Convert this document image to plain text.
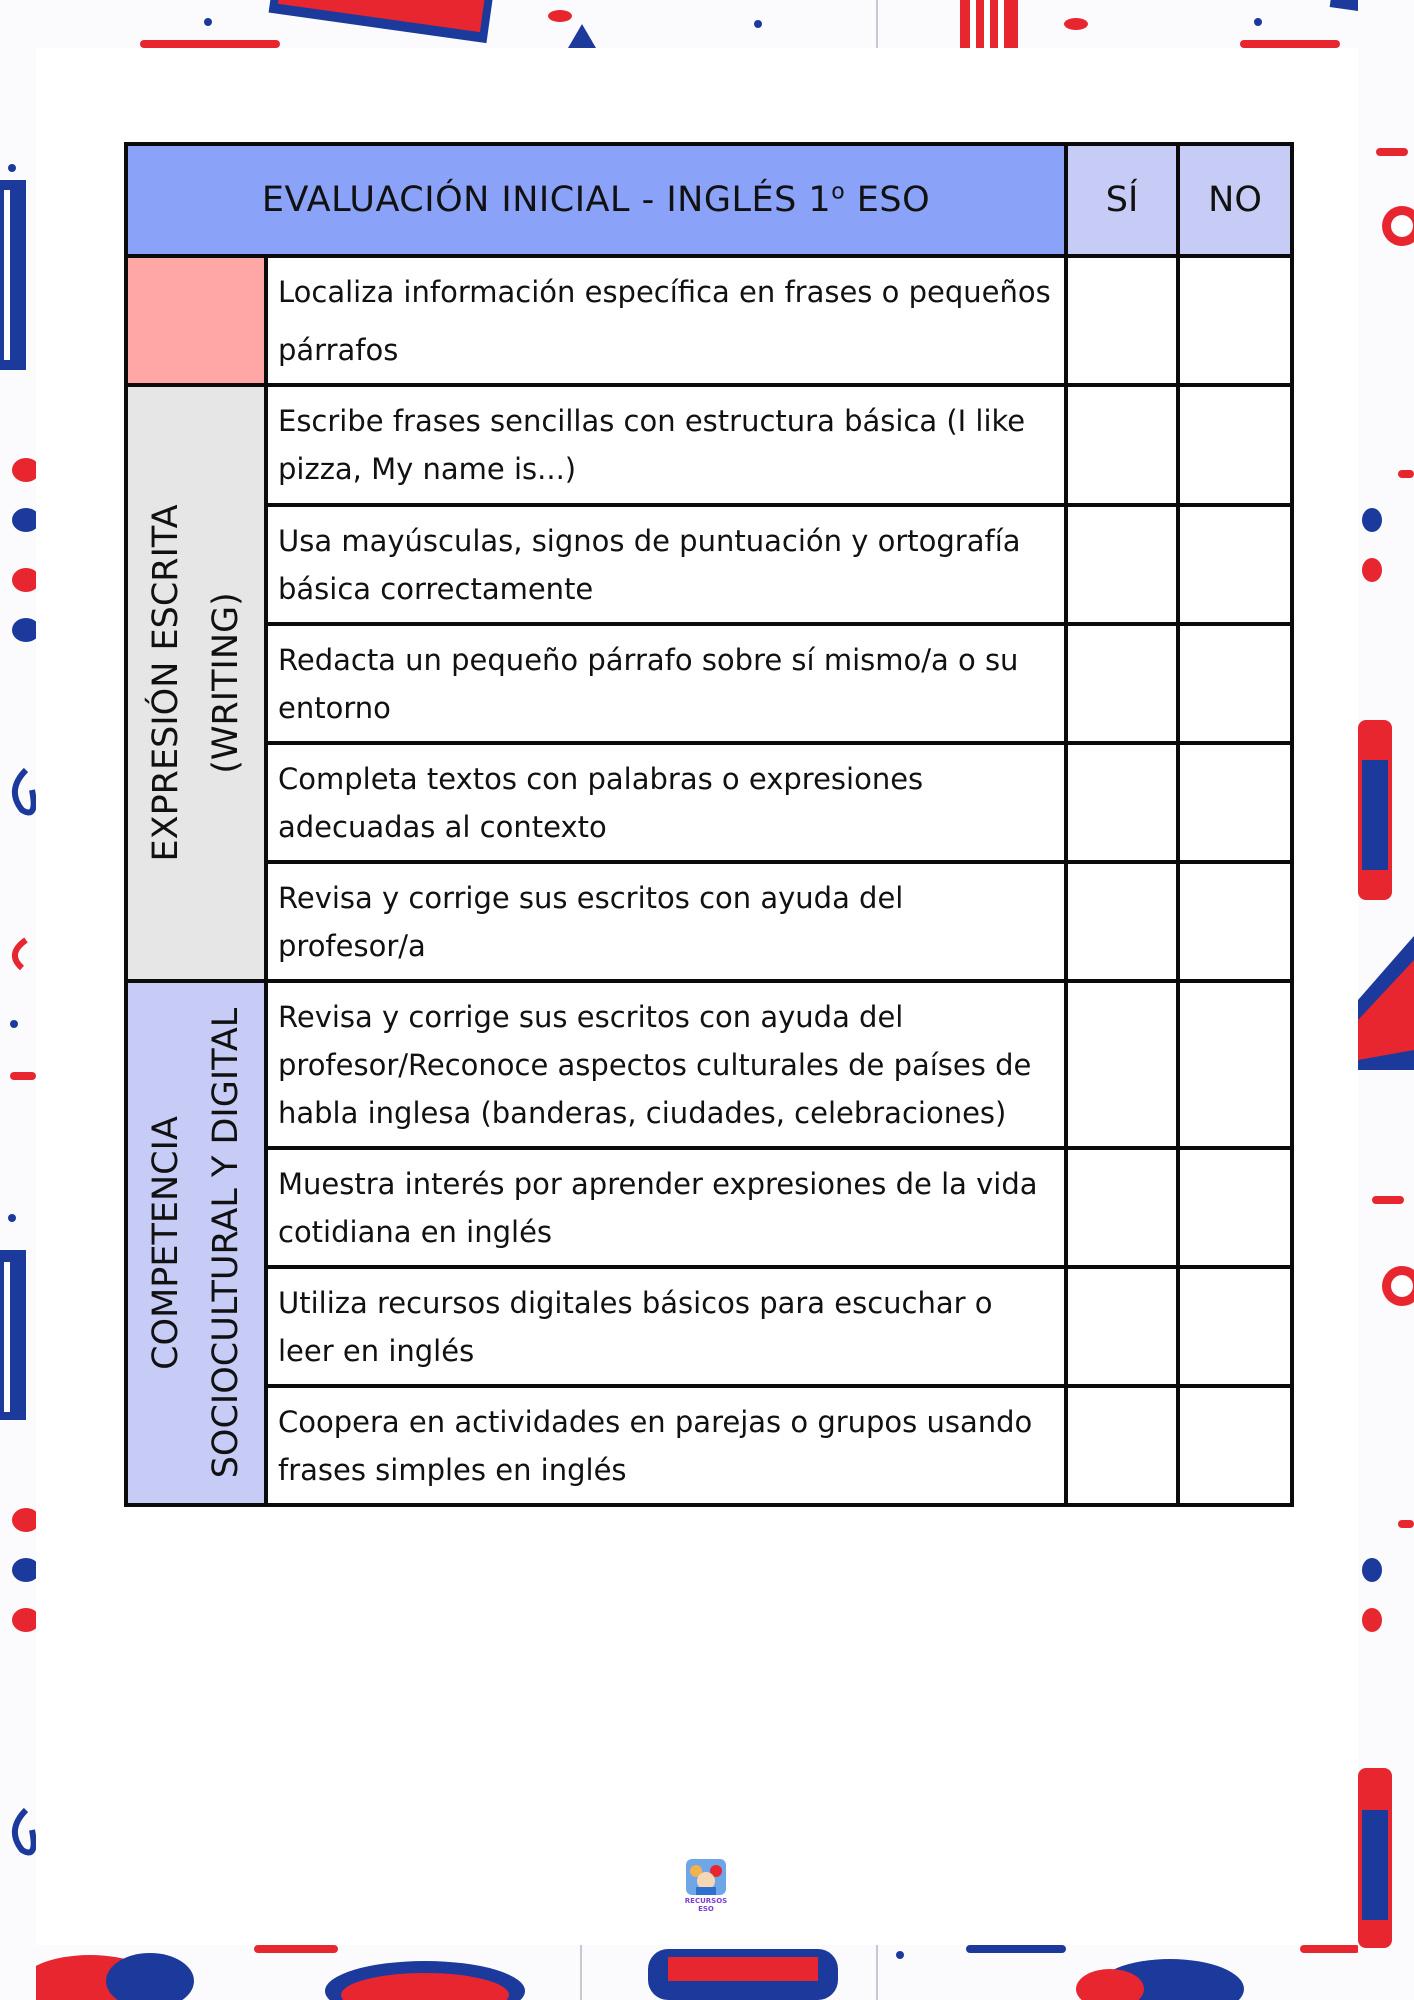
EVALUACIÓN INICIAL - INGLÉS 1$^o$ ESO		SÍ	NO
	Localiza información específica en frases o pequeños párrafos		

EXPRESIÓN ESCRITA (WRITING)	Escribe frases sencillas con estructura básica (I like pizza, My name is...)		
	Usa mayúsculas, signos de puntuación y ortografía básica correctamente		
	Redacta un pequeño párrafo sobre sí mismo/a o su entorno		
	Completa textos con palabras o expresiones adecuadas al contexto		
	Revisa y corrige sus escritos con ayuda del profesor/a		

COMPETENCIA SOCIOCULTURAL Y DIGITAL	Revisa y corrige sus escritos con ayuda del profesor/Reconoce aspectos culturales de países de habla inglesa (banderas, ciudades, celebraciones)		
	Muestra interés por aprender expresiones de la vida cotidiana en inglés		
	Utiliza recursos digitales básicos para escuchar o leer en inglés		
	Coopera en actividades en parejas o grupos usando frases simples en inglés		
RECURSOS
ESO
